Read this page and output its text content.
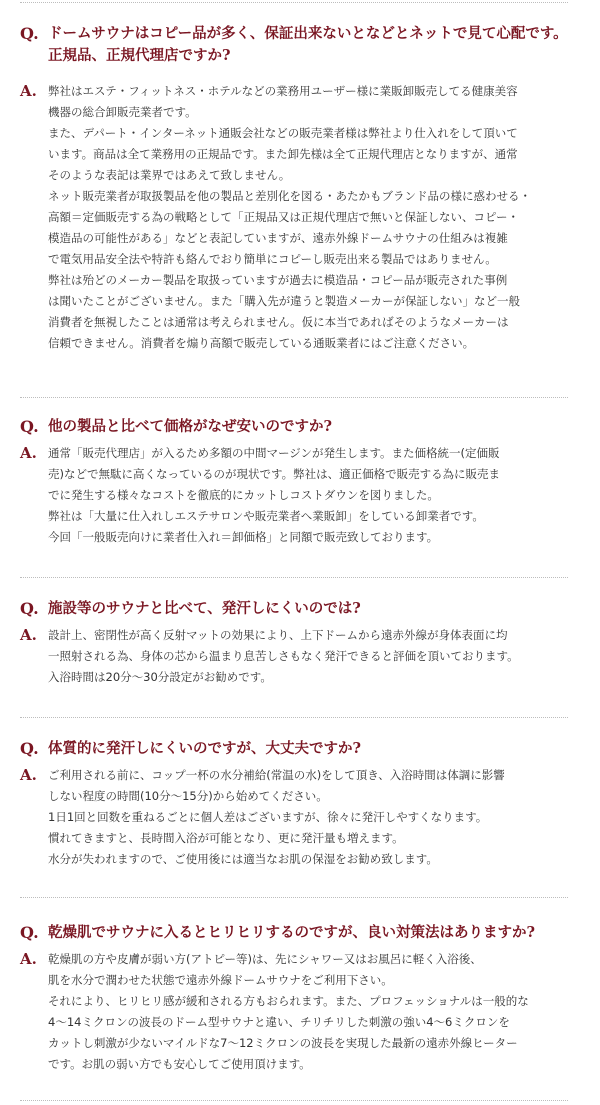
Q. ドームサウナはコピー品が多く、保証出来ないとなどとネットで見て心配です。
正規品、正規代理店ですか?
A. 弊社はエステ・フィットネス・ホテルなどの業務用ユーザー様に業販卸販売してる健康美容
機器の総合卸販売業者です。
また、デパート・インターネット通販会社などの販売業者様は弊社より仕入れをして頂いて
います。商品は全て業務用の正規品です。また卸先様は全て正規代理店となりますが、通常
そのような表記は業界ではあえて致しません。
ネット販売業者が取扱製品を他の製品と差別化を図る・あたかもブランド品の様に惑わせる・
高額＝定価販売する為の戦略として「正規品又は正規代理店で無いと保証しない、コピー・
模造品の可能性がある」などと表記していますが、遠赤外線ドームサウナの仕組みは複雑
で電気用品安全法や特許も絡んでおり簡単にコピーし販売出来る製品ではありません。
弊社は殆どのメーカー製品を取扱っていますが過去に模造品・コピー品が販売された事例
は聞いたことがございません。また「購入先が違うと製造メーカーが保証しない」など一般
消費者を無視したことは通常は考えられません。仮に本当であればそのようなメーカーは
信頼できません。消費者を煽り高額で販売している通販業者にはご注意ください。
Q. 他の製品と比べて価格がなぜ安いのですか?
A. 通常「販売代理店」が入るため多額の中間マージンが発生します。また価格統一(定価販
売)などで無駄に高くなっているのが現状です。弊社は、適正価格で販売する為に販売ま
でに発生する様々なコストを徹底的にカットしコストダウンを図りました。
弊社は「大量に仕入れしエステサロンや販売業者へ業販卸」をしている卸業者です。
今回「一般販売向けに業者仕入れ＝卸価格」と同額で販売致しております。
Q. 施設等のサウナと比べて、発汗しにくいのでは?
A. 設計上、密閉性が高く反射マットの効果により、上下ドームから遠赤外線が身体表面に均
一照射される為、身体の芯から温まり息苦しさもなく発汗できると評価を頂いております。
入浴時間は20分～30分設定がお勧めです。
Q. 体質的に発汗しにくいのですが、大丈夫ですか?
A. ご利用される前に、コップ一杯の水分補給(常温の水)をして頂き、入浴時間は体調に影響
しない程度の時間(10分～15分)から始めてください。
1日1回と回数を重ねるごとに個人差はございますが、徐々に発汗しやすくなります。
慣れてきますと、長時間入浴が可能となり、更に発汗量も増えます。
水分が失われますので、ご使用後には適当なお肌の保湿をお勧め致します。
Q. 乾燥肌でサウナに入るとヒリヒリするのですが、良い対策法はありますか?
A. 乾燥肌の方や皮膚が弱い方(アトピー等)は、先にシャワー又はお風呂に軽く入浴後、
肌を水分で潤わせた状態で遠赤外線ドームサウナをご利用下さい。
それにより、ヒリヒリ感が緩和される方もおられます。また、プロフェッショナルは一般的な
4～14ミクロンの波長のドーム型サウナと違い、チリチリした刺激の強い4～6ミクロンを
カットし刺激が少ないマイルドな7～12ミクロンの波長を実現した最新の遠赤外線ヒーター
です。お肌の弱い方でも安心してご使用頂けます。
